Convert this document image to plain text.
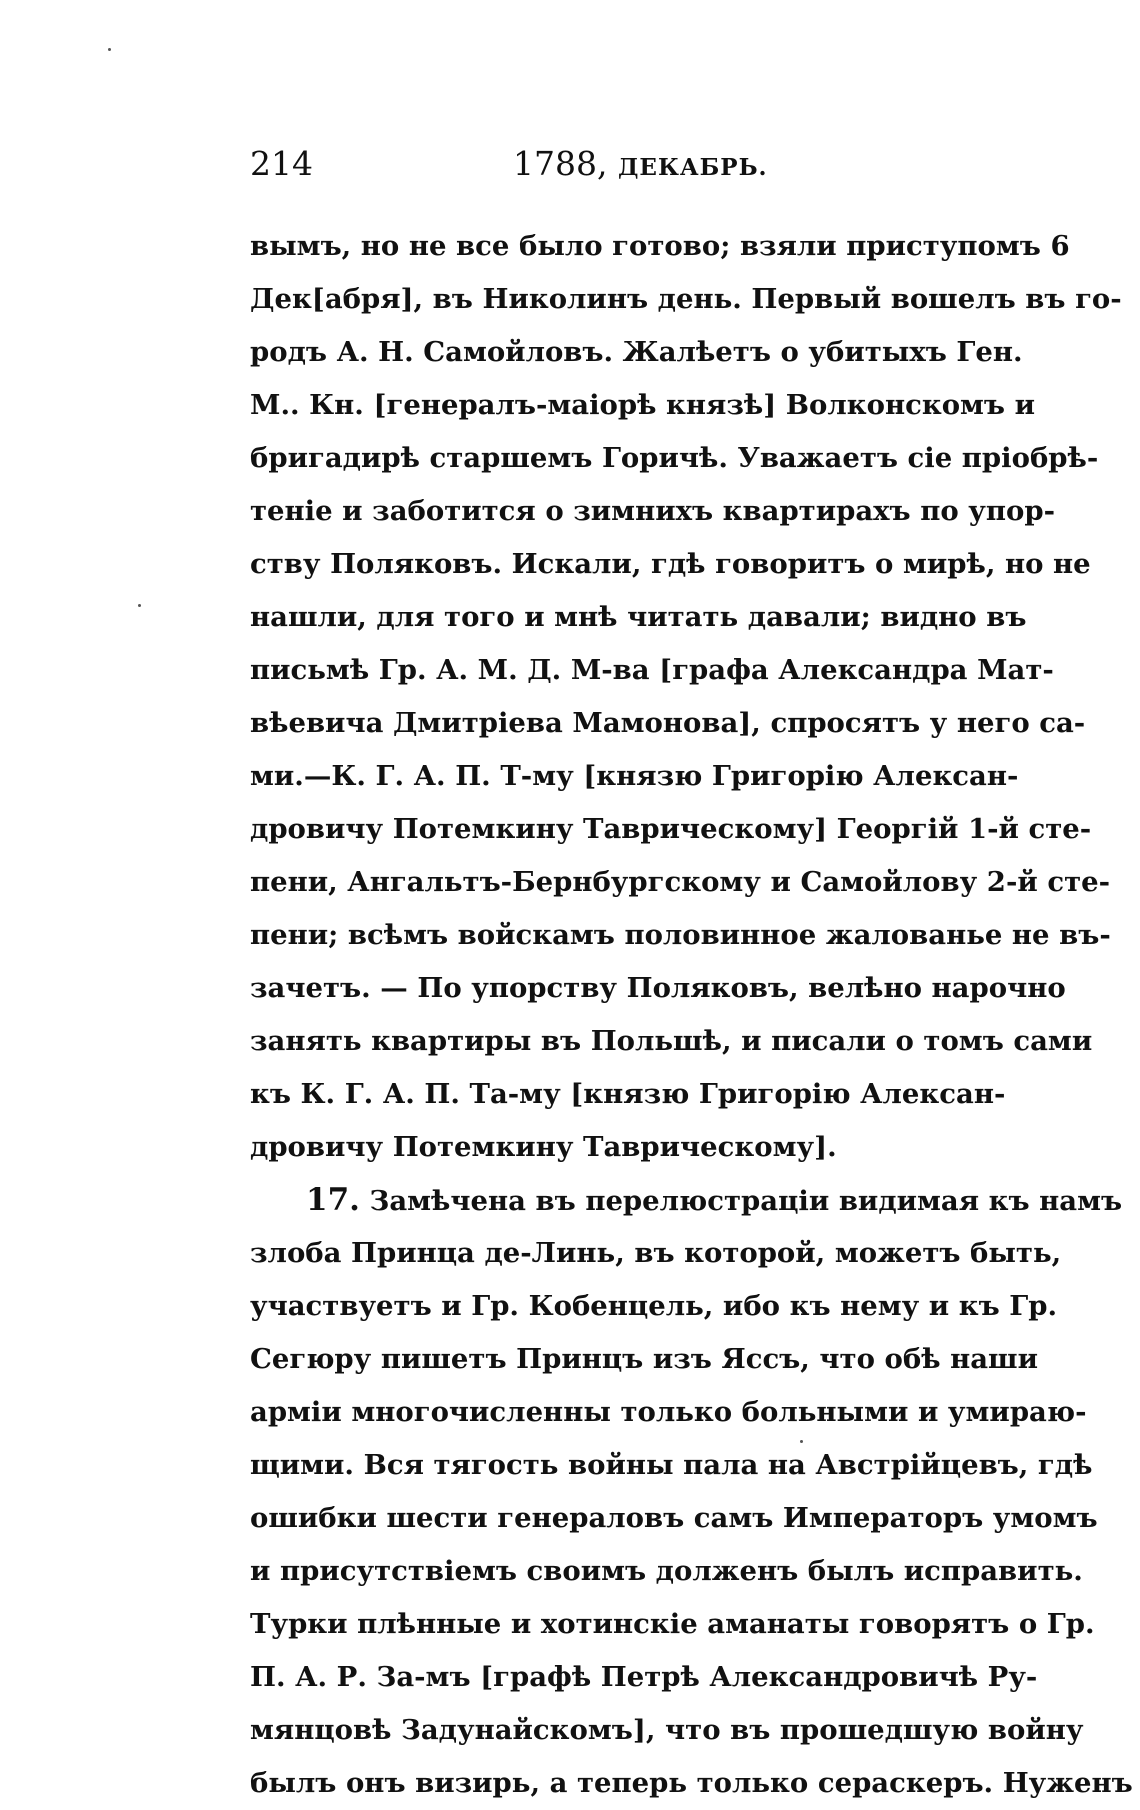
214	1788, ДЕКАБРЬ.
вымъ, но не все было готово; взяли приступомъ 6
Дек[абря], въ Николинъ день. Первый вошелъ въ го-
родъ А. Н. Самойловъ. Жалѣетъ о убитыхъ Ген.
М.. Кн. [генералъ-маiорѣ князѣ] Волконскомъ и
бригадирѣ старшемъ Горичѣ. Уважаетъ сiе прiобрѣ-
тенiе и заботится о зимнихъ квартирахъ по упор-
ству Поляковъ. Искали, гдѣ говоритъ о мирѣ, но не
нашли, для того и мнѣ читать давали; видно въ
письмѣ Гр. А. М. Д. М-ва [графа Александра Мат-
вѣевича Дмитрiева Мамонова], спросятъ у него са-
ми.—К. Г. А. П. Т-му [князю Григорiю Алексан-
дровичу Потемкину Таврическому] Георгiй 1-й сте-
пени, Ангальтъ-Бернбургскому и Самойлову 2-й сте-
пени; всѣмъ войскамъ половинное жалованье не въ-
зачетъ. — По упорству Поляковъ, велѣно нарочно
занять квартиры въ Польшѣ, и писали о томъ сами
къ К. Г. А. П. Та-му [князю Григорiю Алексан-
дровичу Потемкину Таврическому].
17. Замѣчена въ перелюстрацiи видимая къ намъ
злоба Принца де-Линь, въ которой, можетъ быть,
участвуетъ и Гр. Кобенцель, ибо къ нему и къ Гр.
Сегюру пишетъ Принцъ изъ Яссъ, что обѣ наши
армiи многочисленны только больными и умираю-
щими. Вся тягость войны пала на Австрiйцевъ, гдѣ
ошибки шести генераловъ самъ Императоръ умомъ
и присутствiемъ своимъ долженъ былъ исправить.
Турки плѣнные и хотинскiе аманаты говорятъ о Гр.
П. А. Р. За-мъ [графѣ Петрѣ Александровичѣ Ру-
мянцовѣ Задунайскомъ], что въ прошедшую войну
былъ онъ визирь, а теперь только сераскеръ. Нуженъ
